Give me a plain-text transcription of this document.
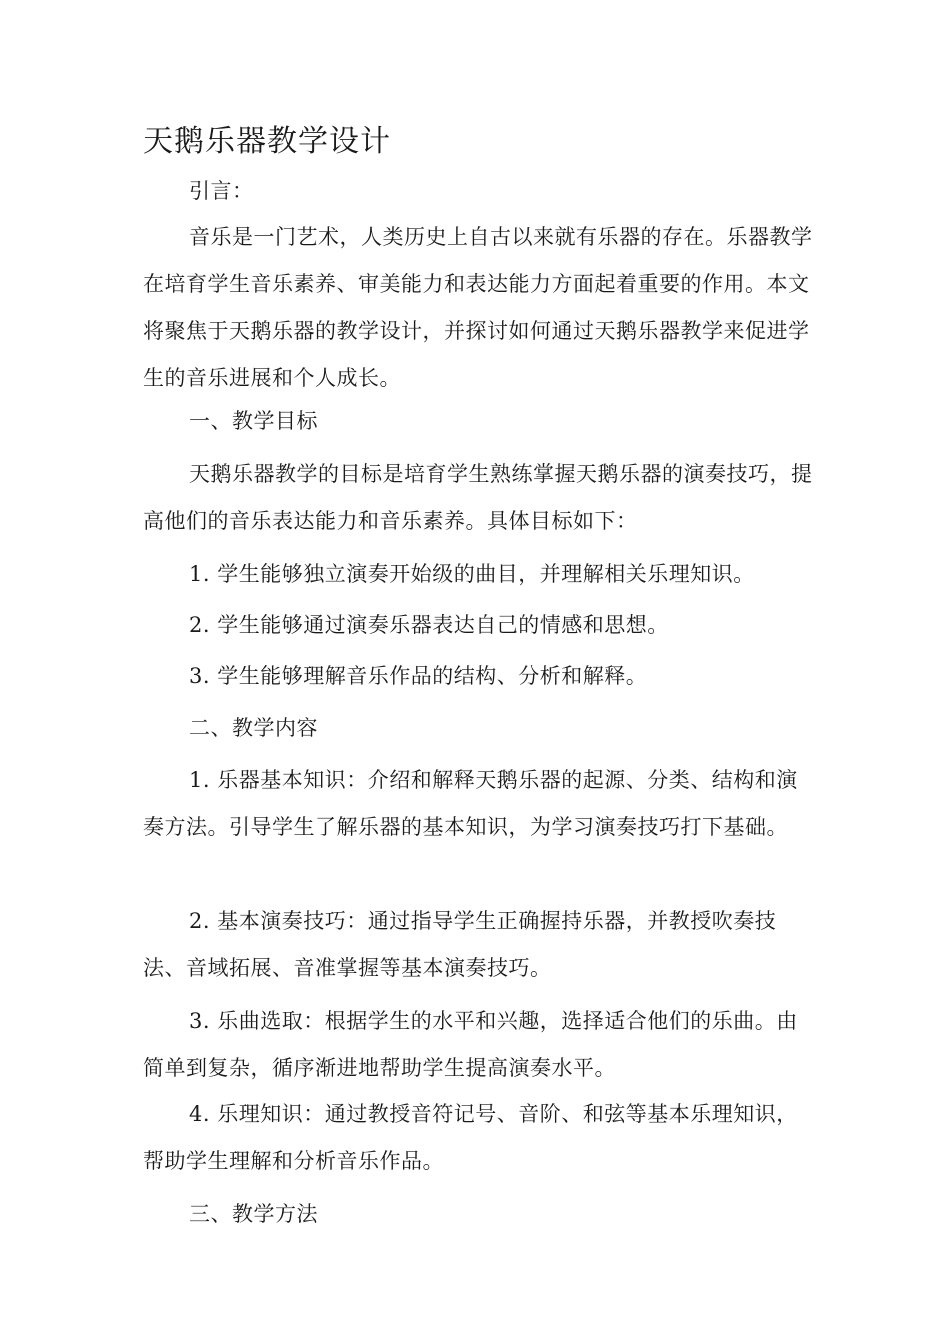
天鹅乐器教学设计

引言：

音乐是一门艺术，人类历史上自古以来就有乐器的存在。乐器教学在培育学生音乐素养、审美能力和表达能力方面起着重要的作用。本文将聚焦于天鹅乐器的教学设计，并探讨如何通过天鹅乐器教学来促进学生的音乐进展和个人成长。

一、教学目标

天鹅乐器教学的目标是培育学生熟练掌握天鹅乐器的演奏技巧，提高他们的音乐表达能力和音乐素养。具体目标如下：

1. 学生能够独立演奏开始级的曲目，并理解相关乐理知识。

2. 学生能够通过演奏乐器表达自己的情感和思想。

3. 学生能够理解音乐作品的结构、分析和解释。

二、教学内容

1. 乐器基本知识：介绍和解释天鹅乐器的起源、分类、结构和演奏方法。引导学生了解乐器的基本知识，为学习演奏技巧打下基础。

2. 基本演奏技巧：通过指导学生正确握持乐器，并教授吹奏技法、音域拓展、音准掌握等基本演奏技巧。

3. 乐曲选取：根据学生的水平和兴趣，选择适合他们的乐曲。由简单到复杂，循序渐进地帮助学生提高演奏水平。

4. 乐理知识：通过教授音符记号、音阶、和弦等基本乐理知识，帮助学生理解和分析音乐作品。

三、教学方法
